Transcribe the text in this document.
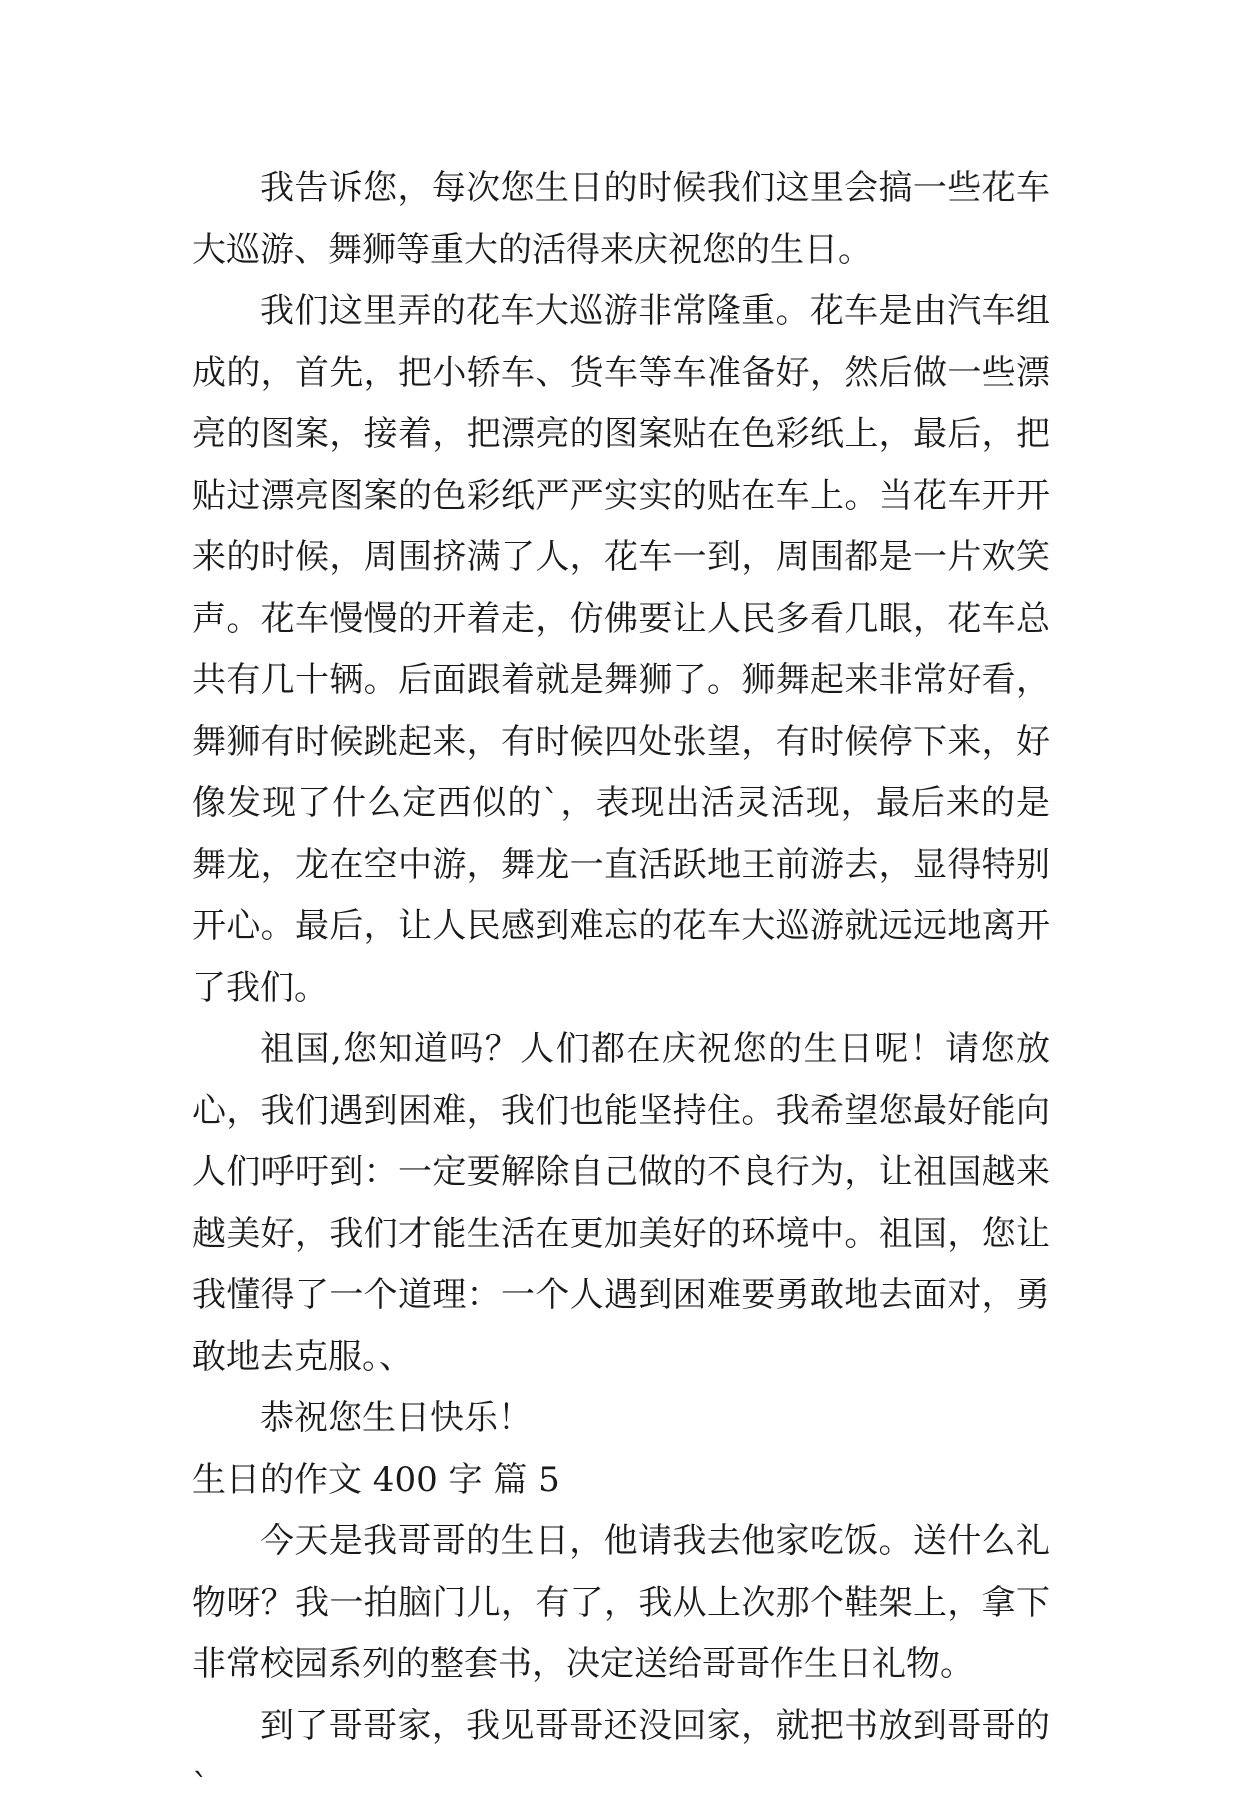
我告诉您，每次您生日的时候我们这里会搞一些花车大巡游、舞狮等重大的活得来庆祝您的生日。

我们这里弄的花车大巡游非常隆重。花车是由汽车组成的，首先，把小轿车、货车等车准备好，然后做一些漂亮的图案，接着，把漂亮的图案贴在色彩纸上，最后，把贴过漂亮图案的色彩纸严严实实的贴在车上。当花车开开来的时候，周围挤满了人，花车一到，周围都是一片欢笑声。花车慢慢的开着走，仿佛要让人民多看几眼，花车总共有几十辆。后面跟着就是舞狮了。狮舞起来非常好看，舞狮有时候跳起来，有时候四处张望，有时候停下来，好像发现了什么定西似的`，表现出活灵活现，最后来的是舞龙，龙在空中游，舞龙一直活跃地王前游去，显得特别开心。最后，让人民感到难忘的花车大巡游就远远地离开了我们。

祖国,您知道吗？人们都在庆祝您的生日呢！请您放心，我们遇到困难，我们也能坚持住。我希望您最好能向人们呼吁到：一定要解除自己做的不良行为，让祖国越来越美好，我们才能生活在更加美好的环境中。祖国，您让我懂得了一个道理：一个人遇到困难要勇敢地去面对，勇敢地去克服。、

恭祝您生日快乐！

生日的作文 400 字 篇 5

今天是我哥哥的生日，他请我去他家吃饭。送什么礼物呀？我一拍脑门儿，有了，我从上次那个鞋架上，拿下非常校园系列的整套书，决定送给哥哥作生日礼物。

到了哥哥家，我见哥哥还没回家，就把书放到哥哥的`
